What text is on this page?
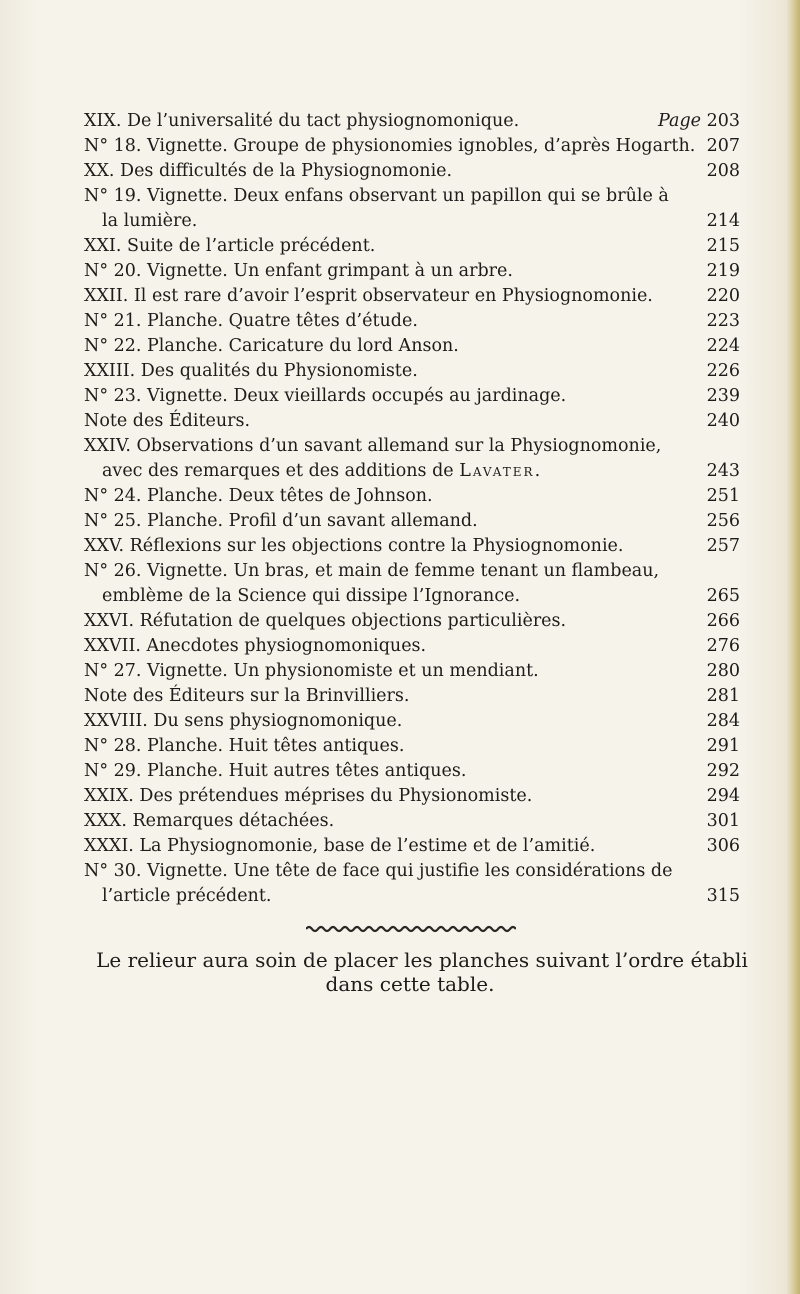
XIX. De l’universalité du tact physiognomonique.	Page 203
N° 18. Vignette. Groupe de physionomies ignobles, d’après Hogarth. 207
XX. Des difficultés de la Physiognomonie.	208
N° 19. Vignette. Deux enfans observant un papillon qui se brûle à
la lumière.	214
XXI. Suite de l’article précédent.	215
N° 20. Vignette. Un enfant grimpant à un arbre.	219
XXII. Il est rare d’avoir l’esprit observateur en Physiognomonie.	220
N° 21. Planche. Quatre têtes d’étude.	223
N° 22. Planche. Caricature du lord Anson.	224
XXIII. Des qualités du Physionomiste.	226
N° 23. Vignette. Deux vieillards occupés au jardinage.	239
Note des Éditeurs.	240
XXIV. Observations d’un savant allemand sur la Physiognomonie,
avec des remarques et des additions de Lavater.	243
N° 24. Planche. Deux têtes de Johnson.	251
N° 25. Planche. Profil d’un savant allemand.	256
XXV. Réflexions sur les objections contre la Physiognomonie.	257
N° 26. Vignette. Un bras, et main de femme tenant un flambeau,
emblème de la Science qui dissipe l’Ignorance.	265
XXVI. Réfutation de quelques objections particulières.	266
XXVII. Anecdotes physiognomoniques.	276
N° 27. Vignette. Un physionomiste et un mendiant.	280
Note des Éditeurs sur la Brinvilliers.	281
XXVIII. Du sens physiognomonique.	284
N° 28. Planche. Huit têtes antiques.	291
N° 29. Planche. Huit autres têtes antiques.	292
XXIX. Des prétendues méprises du Physionomiste.	294
XXX. Remarques détachées.	301
XXXI. La Physiognomonie, base de l’estime et de l’amitié.	306
N° 30. Vignette. Une tête de face qui justifie les considérations de
l’article précédent.	315
Le relieur aura soin de placer les planches suivant l’ordre établi
dans cette table.
